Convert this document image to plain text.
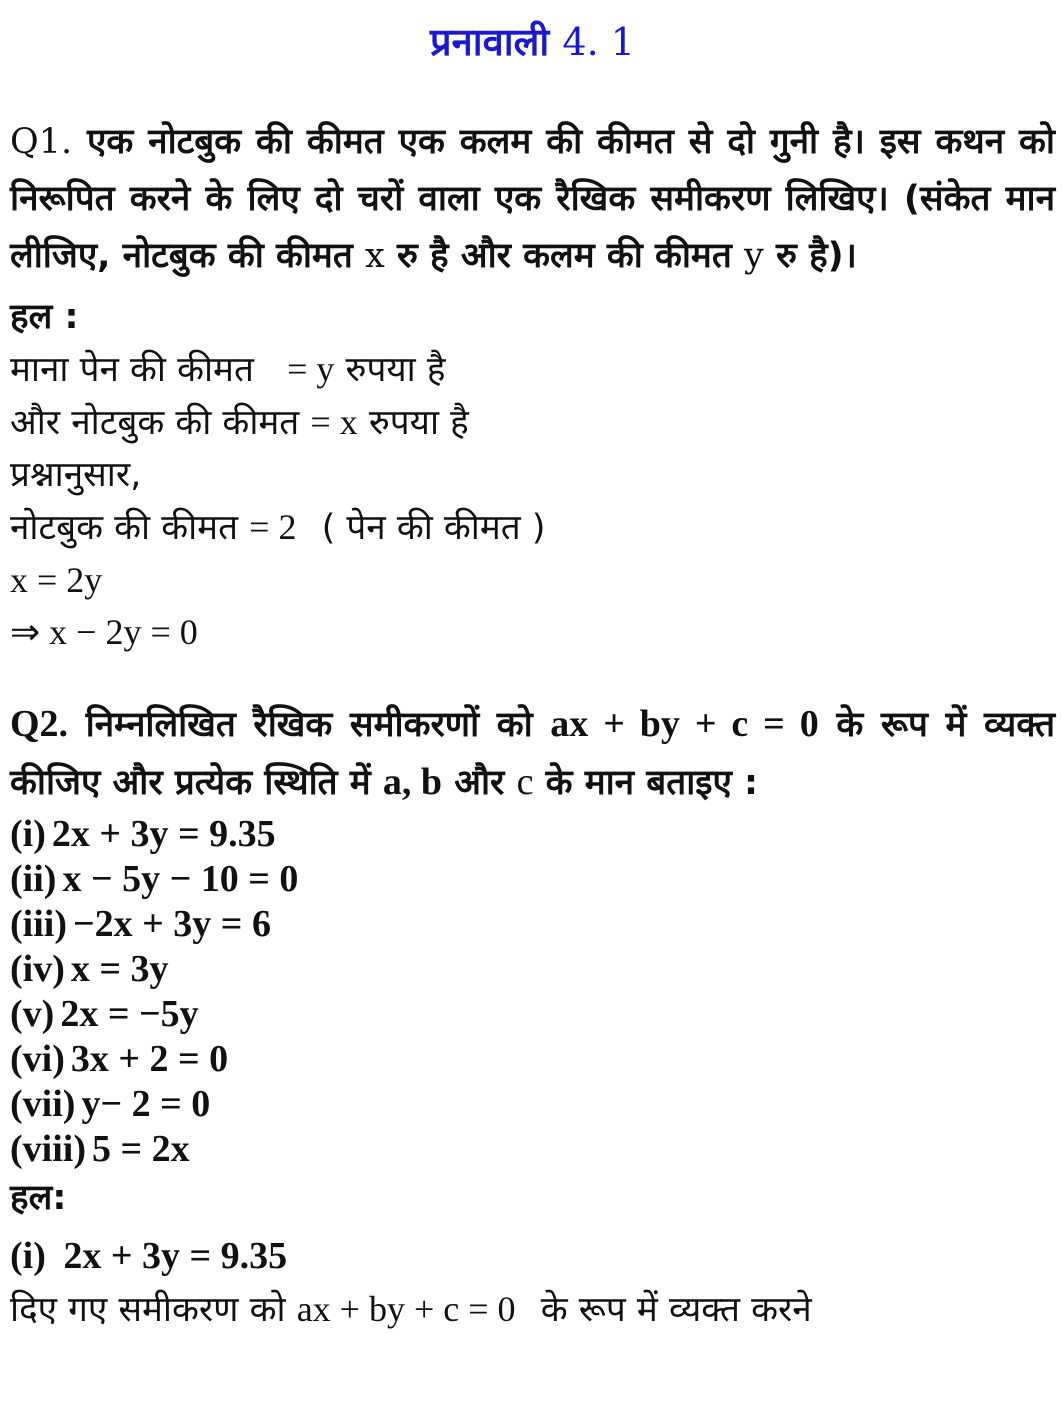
प्रनावाली 4. 1
Q1. एक नोटबुक की कीमत एक कलम की कीमत से दो गुनी है। इस कथन को निरूपित करने के लिए दो चरों वाला एक रैखिक समीकरण लिखिए। (संकेत मान लीजिए, नोटबुक की कीमत x रु है और कलम की कीमत y रु है)।
हल :
माना पेन की कीमत = y रुपया है
और नोटबुक की कीमत = x रुपया है
प्रश्नानुसार,
नोटबुक की कीमत = 2 ( पेन की कीमत )
x = 2y
⇒ x − 2y = 0
Q2. निम्नलिखित रैखिक समीकरणों को ax + by + c = 0 के रूप में व्यक्त कीजिए और प्रत्येक स्थिति में a, b और c के मान बताइए :
(i) 2x + 3y = 9.35
(ii) x − 5y − 10 = 0
(iii) −2x + 3y = 6
(iv) x = 3y
(v) 2x = −5y
(vi) 3x + 2 = 0
(vii) y− 2 = 0
(viii) 5 = 2x
हल:
(i) 2x + 3y = 9.35
दिए गए समीकरण को ax + by + c = 0 के रूप में व्यक्त करने
